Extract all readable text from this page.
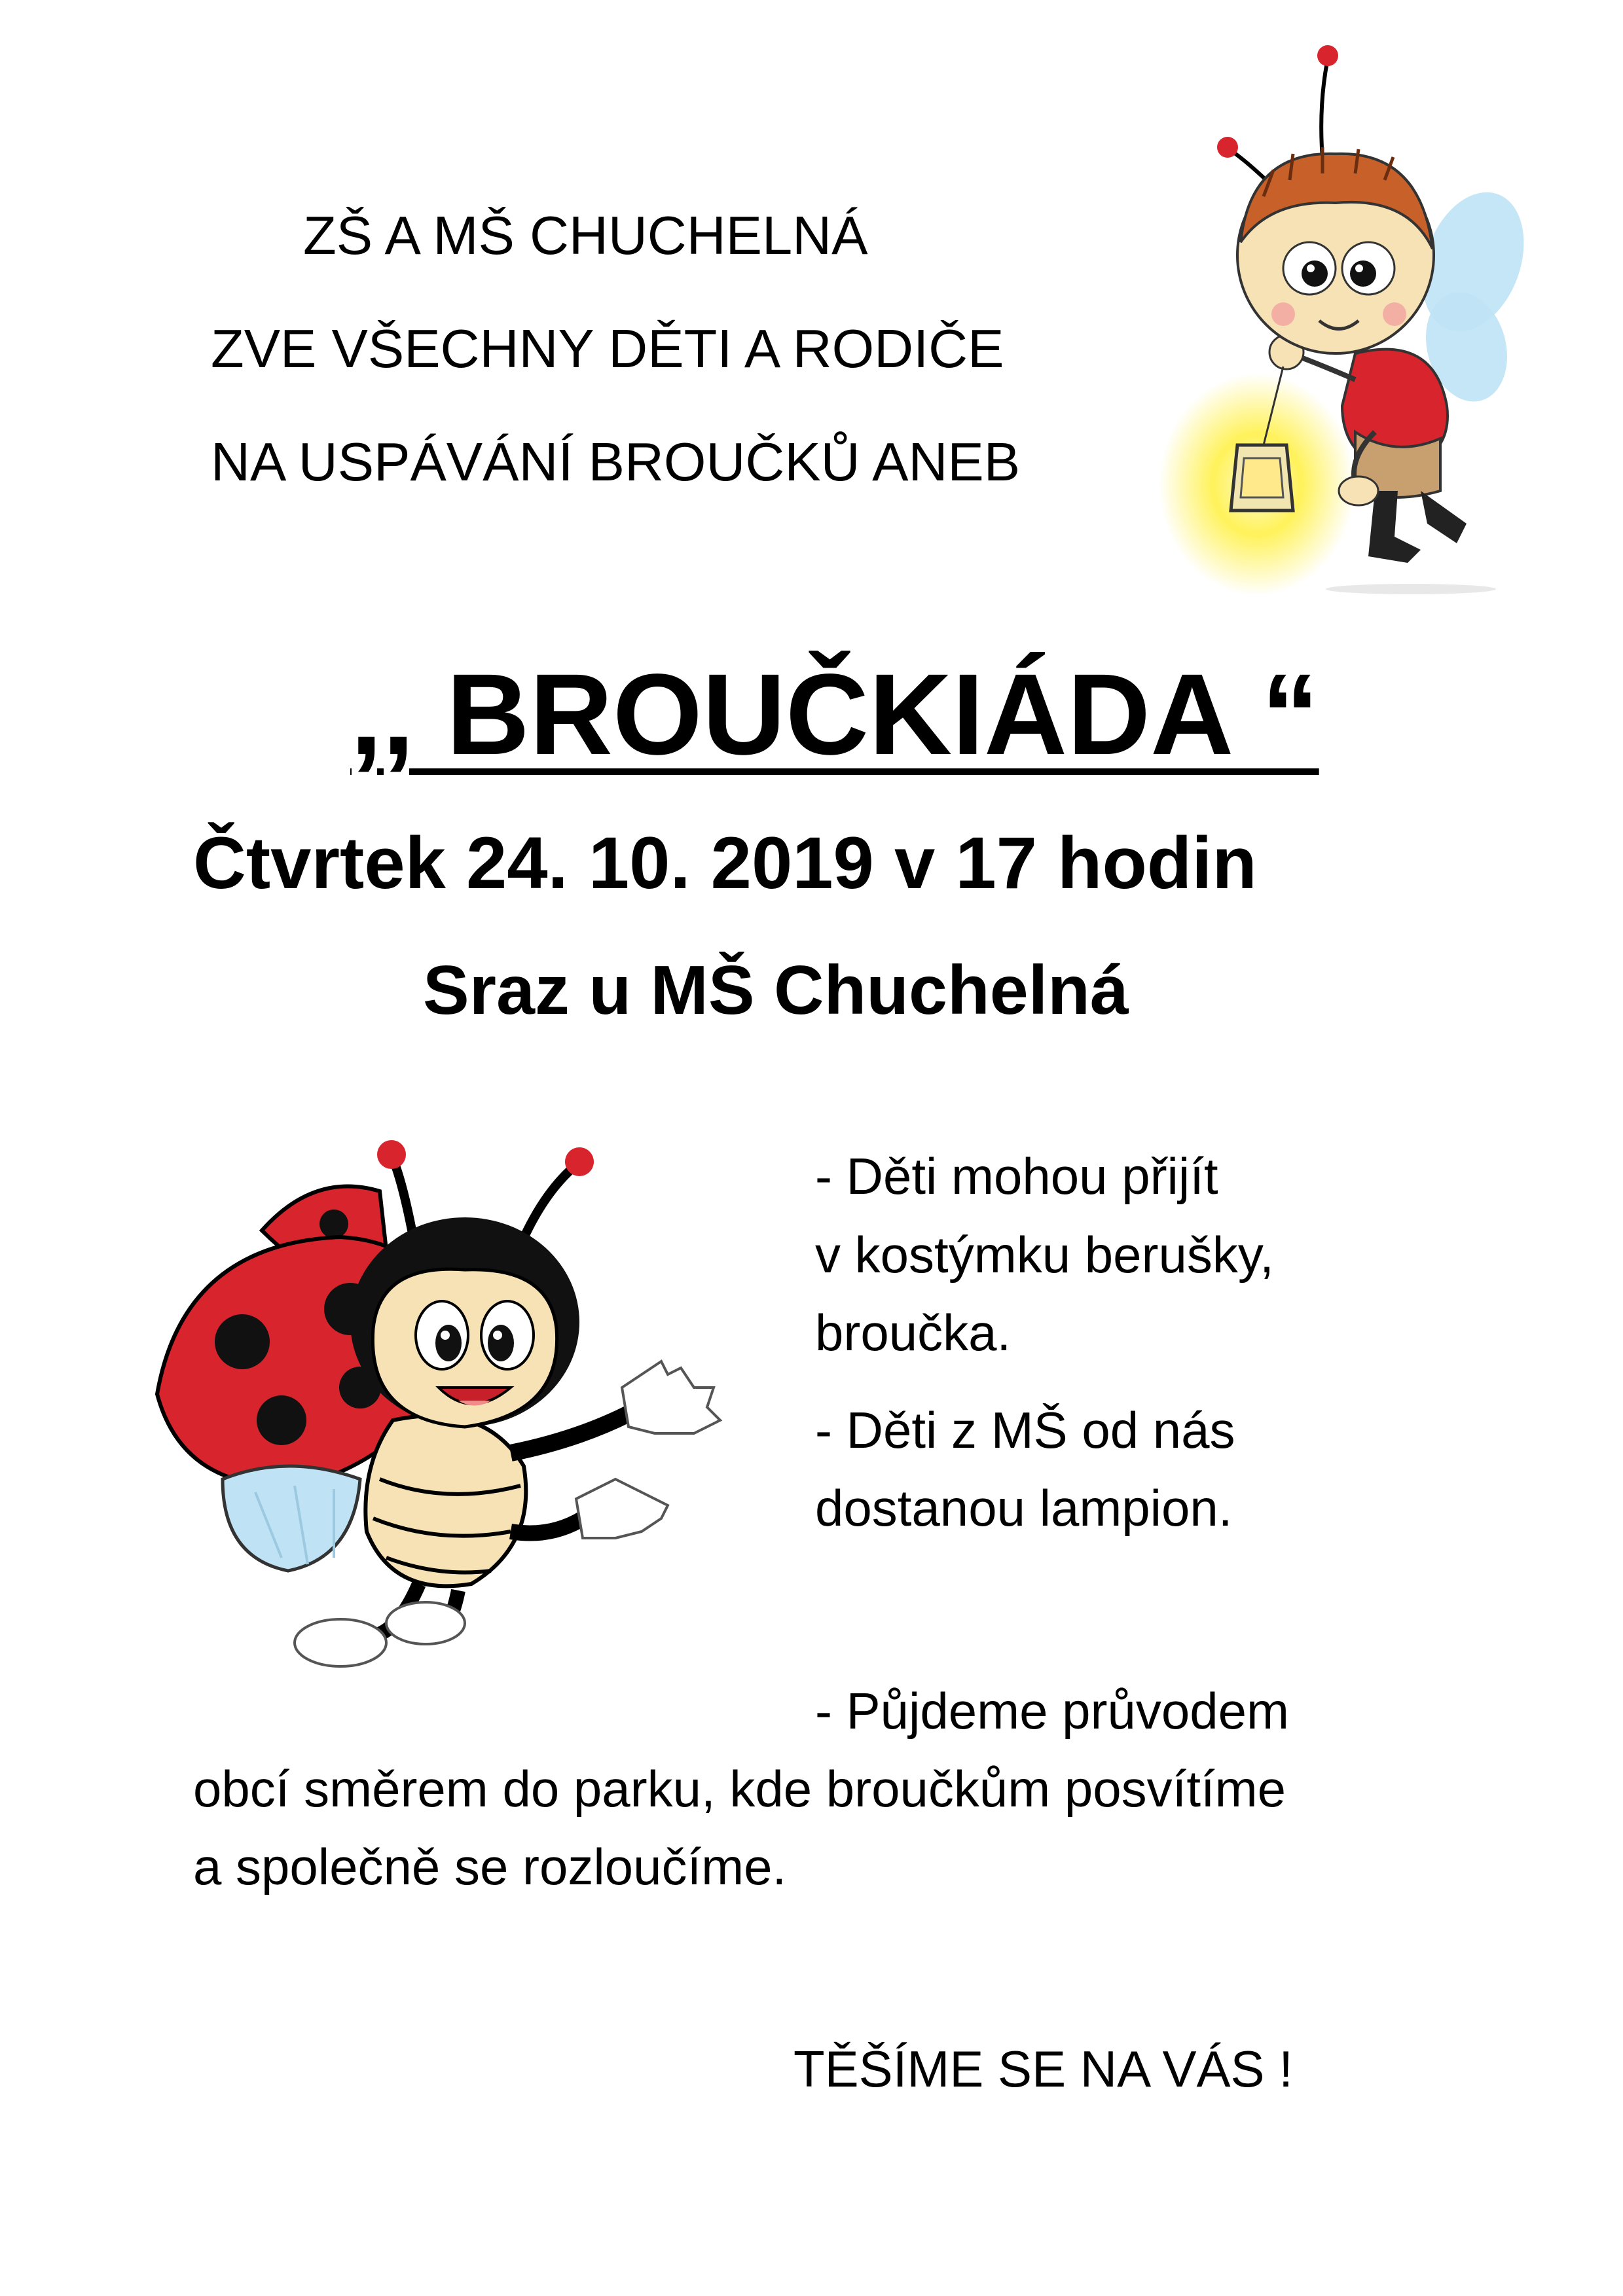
ZŠ A MŠ CHUCHELNÁ
ZVE VŠECHNY DĚTI A RODIČE
NA USPÁVÁNÍ BROUČKŮ ANEB
,, BROUČKIÁDA “
Čtvrtek 24. 10. 2019 v 17 hodin
Sraz u MŠ Chuchelná
- Děti mohou přijít
v kostýmku berušky,
broučka.
- Děti z MŠ od nás
dostanou lampion.
- Půjdeme průvodem
obcí směrem do parku, kde broučkům posvítíme
a společně se rozloučíme.
TĚŠÍME SE NA VÁS !
